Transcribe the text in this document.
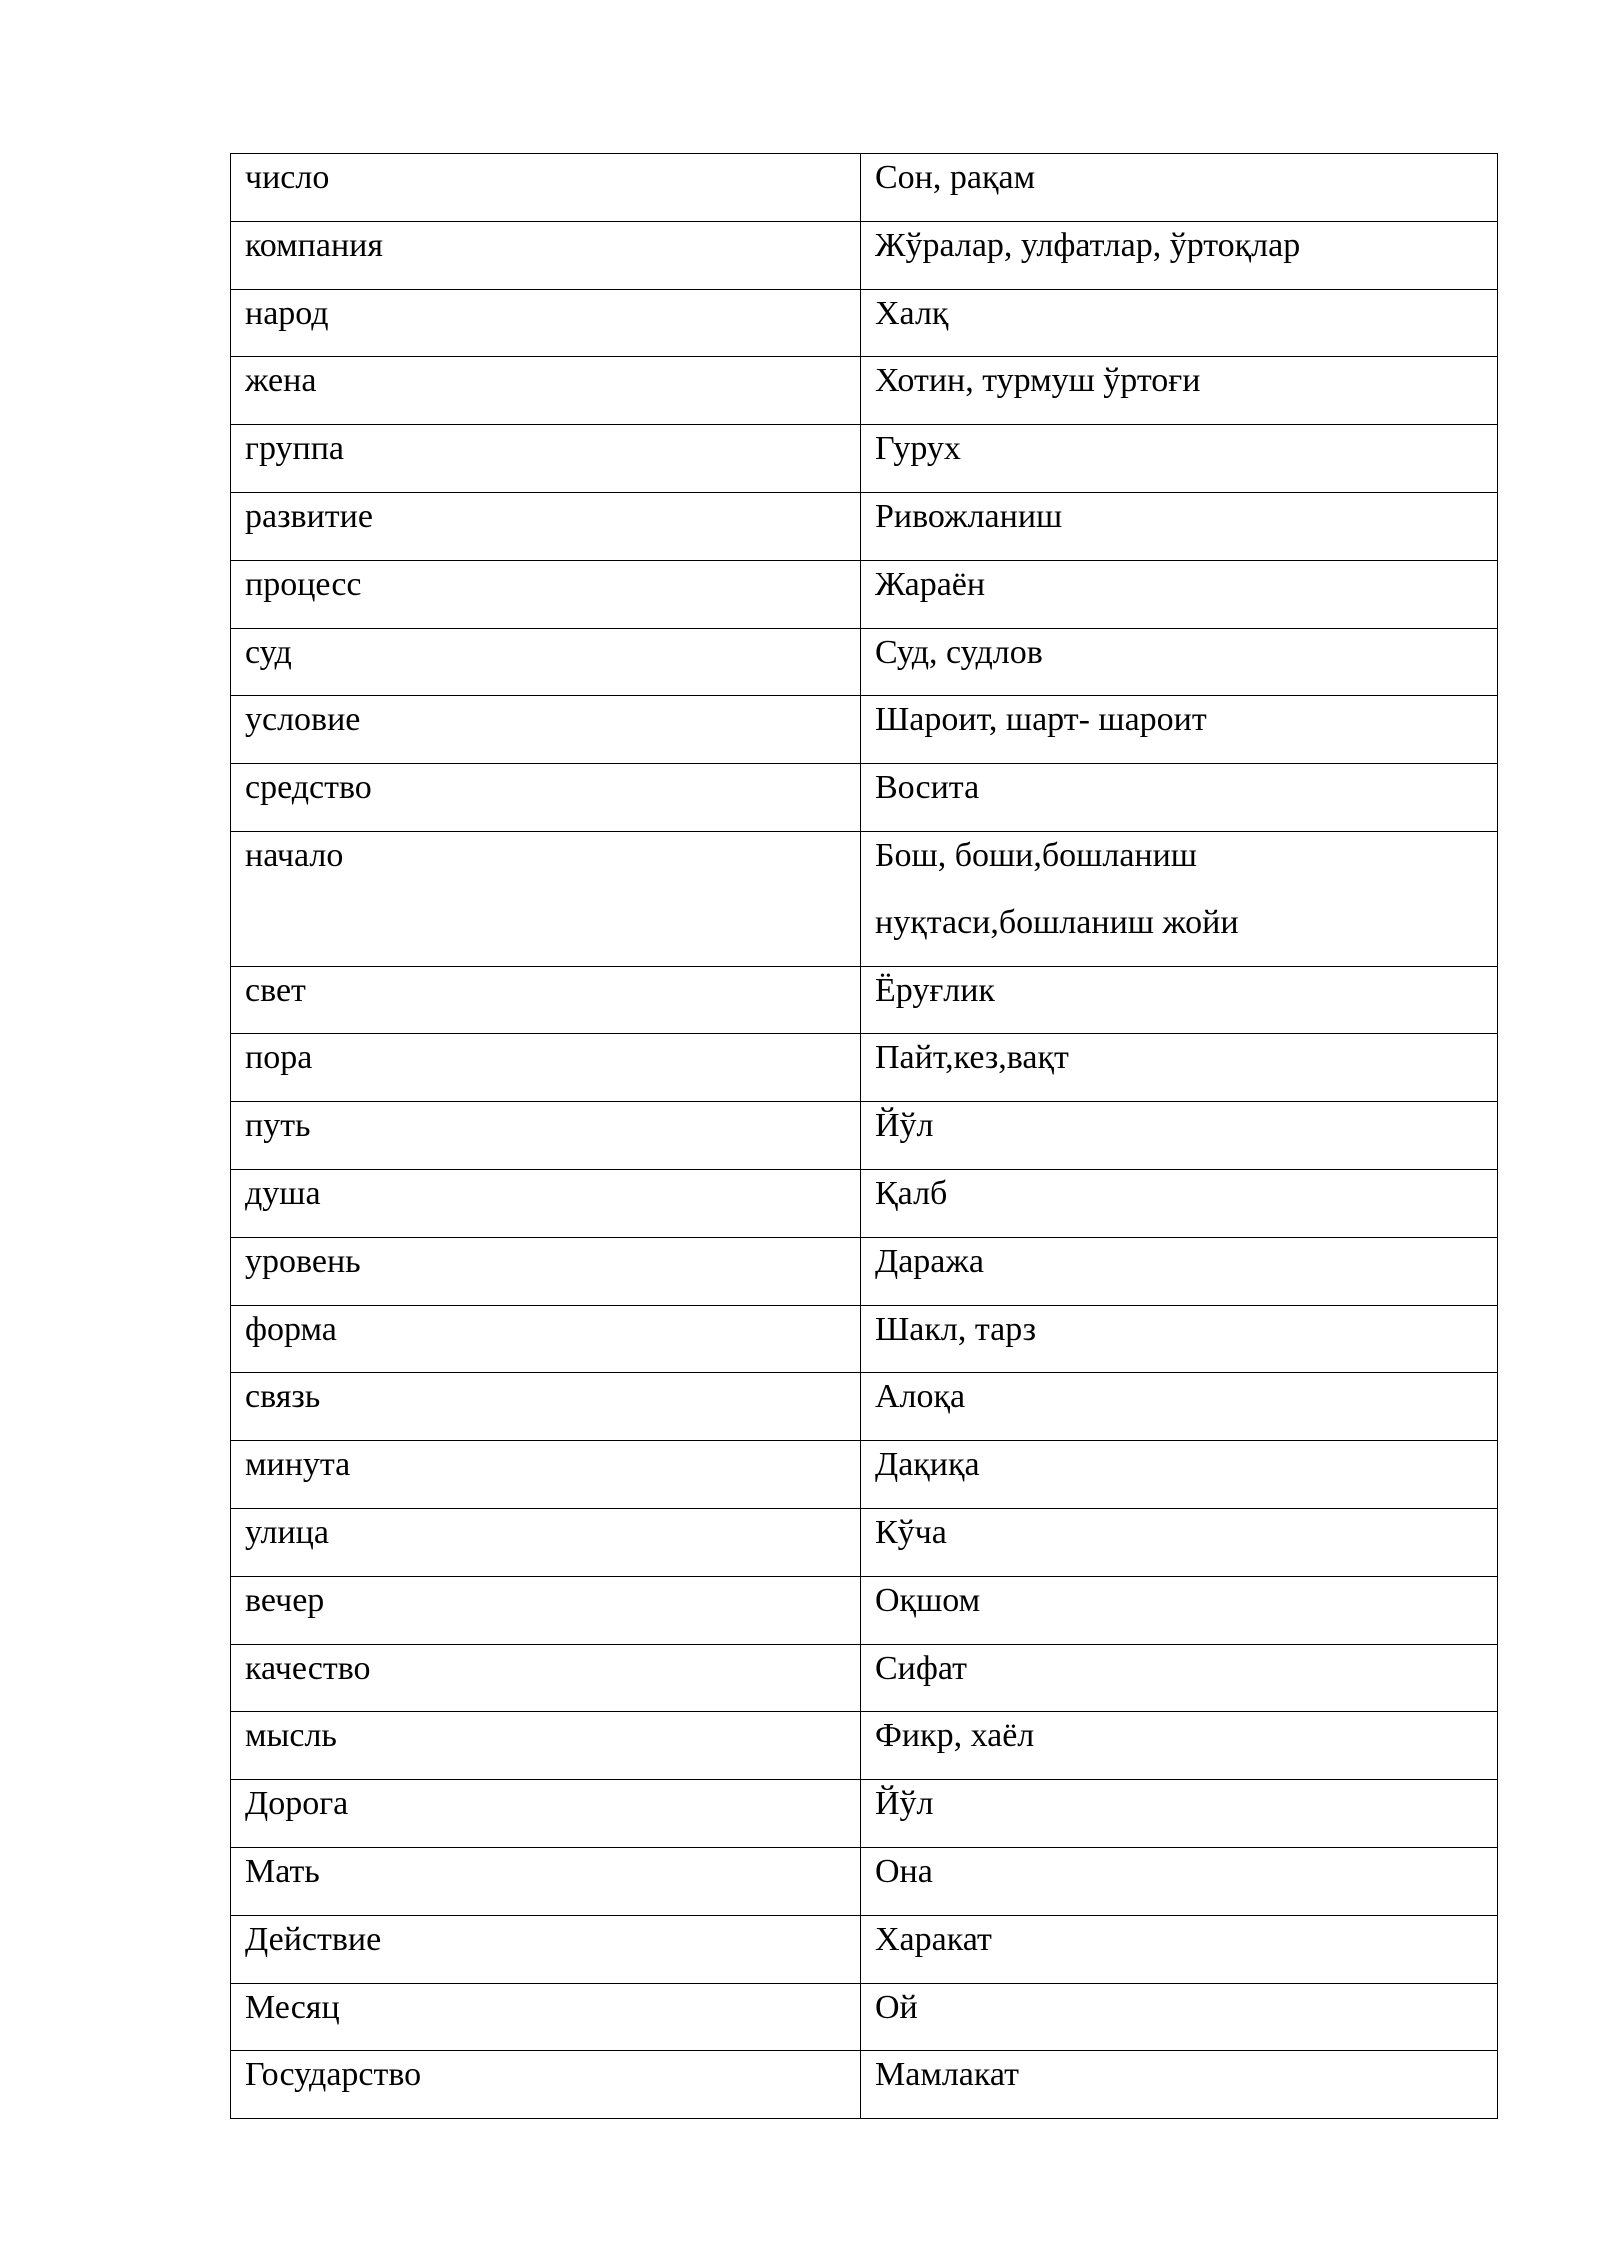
число	Сон, рақам

компания	Жўралар, улфатлар, ўртоқлар

народ	Халқ

жена	Хотин, турмуш ўртоғи

группа	Гурух

развитие	Ривожланиш

процесс	Жараён

суд	Суд, судлов

условие	Шароит, шарт- шароит

средство	Восита

начало	Бош, боши,бошланиш
нуқтаси,бошланиш жойи

свет	Ёруғлик

пора	Пайт,кез,вақт

путь	Йўл

душа	Қалб

уровень	Даража

форма	Шакл, тарз

связь	Алоқа

минута	Дақиқа

улица	Кўча

вечер	Оқшом

качество	Сифат

мысль	Фикр, хаёл

Дорога	Йўл

Мать	Она

Действие	Харакат

Месяц	Ой

Государство	Мамлакат
